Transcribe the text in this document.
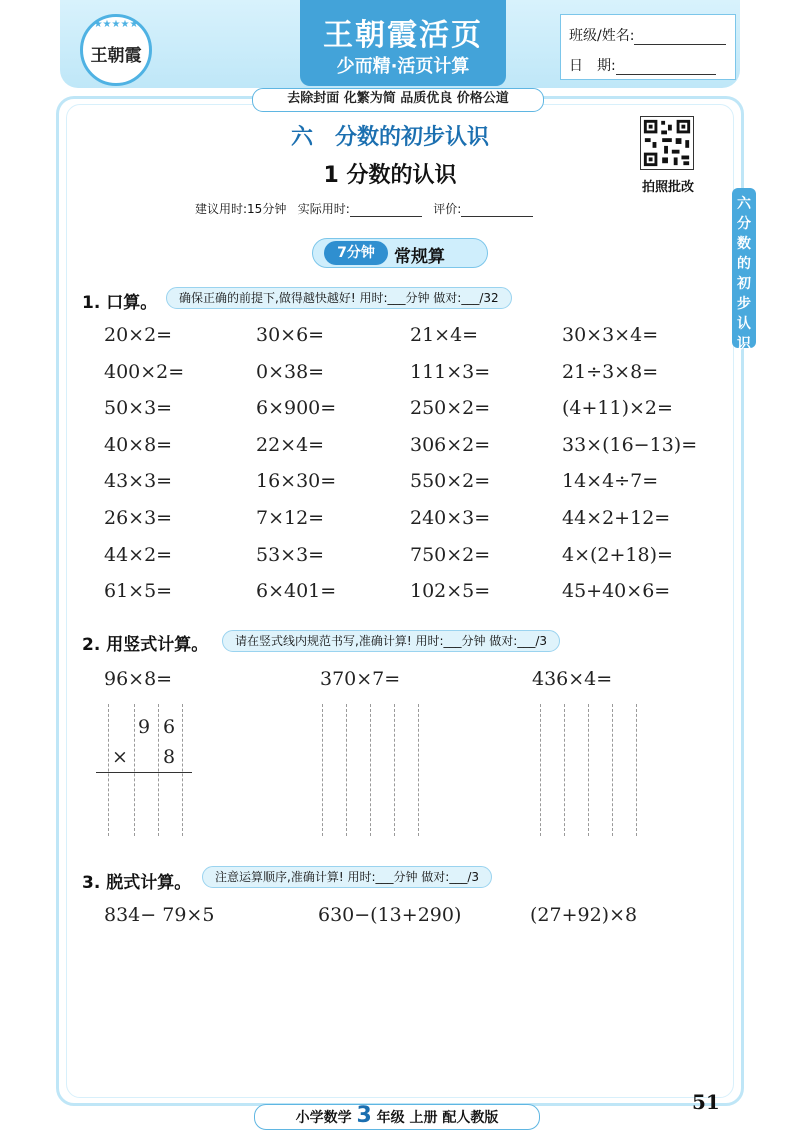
★★★★★
王朝霞
王朝霞活页
少而精·活页计算
班级/姓名:
日　期:
去除封面 化繁为简 品质优良 价格公道
六　分数的初步认识
1 分数的认识
建议用时:15分钟 实际用时:	评价:
拍照批改
六 分数的初步认识
7分钟	常规算
1. 口算。	确保正确的前提下,做得越快越好! 用时:___分钟 做对:___/32
20×2=	30×6=	21×4=	30×3×4=
400×2=	0×38=	111×3=	21÷3×8=
50×3=	6×900=	250×2=	(4+11)×2=
40×8=	22×4=	306×2=	33×(16−13)=
43×3=	16×30=	550×2=	14×4÷7=
26×3=	7×12=	240×3=	44×2+12=
44×2=	53×3=	750×2=	4×(2+18)=
61×5=	6×401=	102×5=	45+40×6=
2. 用竖式计算。	请在竖式线内规范书写,准确计算! 用时:___分钟 做对:___/3
96×8=	370×7=	436×4=
9 6
× 8
3. 脱式计算。	注意运算顺序,准确计算! 用时:___分钟 做对:___/3
834− 79×5	630−(13+290)	(27+92)×8
51
小学数学 3 年级 上册 配人教版
